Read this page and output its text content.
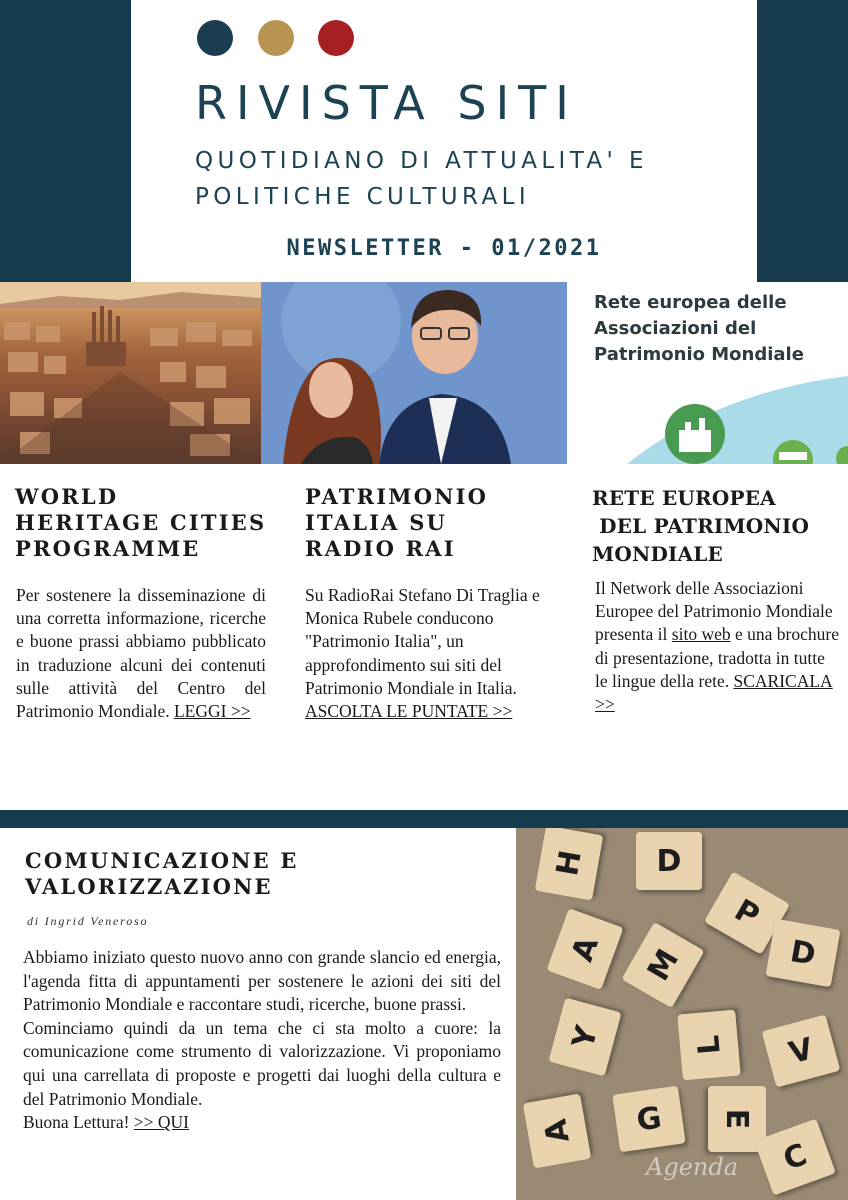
RIVISTA SITI
QUOTIDIANO DI ATTUALITA' E
POLITICHE CULTURALI
NEWSLETTER - 01/2021
Rete europea delle
Associazioni del
Patrimonio Mondiale
WORLD
HERITAGE CITIES
PROGRAMME
Per sostenere la disseminazione di una corretta informazione, ricerche e buone prassi abbiamo pubblicato in traduzione alcuni dei contenuti sulle attività del Centro del Patrimonio Mondiale. LEGGI >>
PATRIMONIO
ITALIA SU
RADIO RAI
Su RadioRai Stefano Di Traglia e Monica Rubele conducono "Patrimonio Italia", un approfondimento sui siti del Patrimonio Mondiale in Italia. ASCOLTA LE PUNTATE >>
RETE EUROPEA
DEL PATRIMONIO
MONDIALE
Il Network delle Associazioni Europee del Patrimonio Mondiale presenta il sito web e una brochure di presentazione, tradotta in tutte le lingue della rete. SCARICALA >>
COMUNICAZIONE E
VALORIZZAZIONE
di Ingrid Veneroso
Abbiamo iniziato questo nuovo anno con grande slancio ed energia, l'agenda fitta di appuntamenti per sostenere le azioni dei siti del Patrimonio Mondiale e raccontare studi, ricerche, buone prassi.
Cominciamo quindi da un tema che ci sta molto a cuore: la comunicazione come strumento di valorizzazione. Vi proponiamo qui una carrellata di proposte e progetti dai luoghi della cultura e del Patrimonio Mondiale.
Buona Lettura! >> QUI
H	D
P
A	M	D
Y	L	V
G	E
A
C
Agenda
